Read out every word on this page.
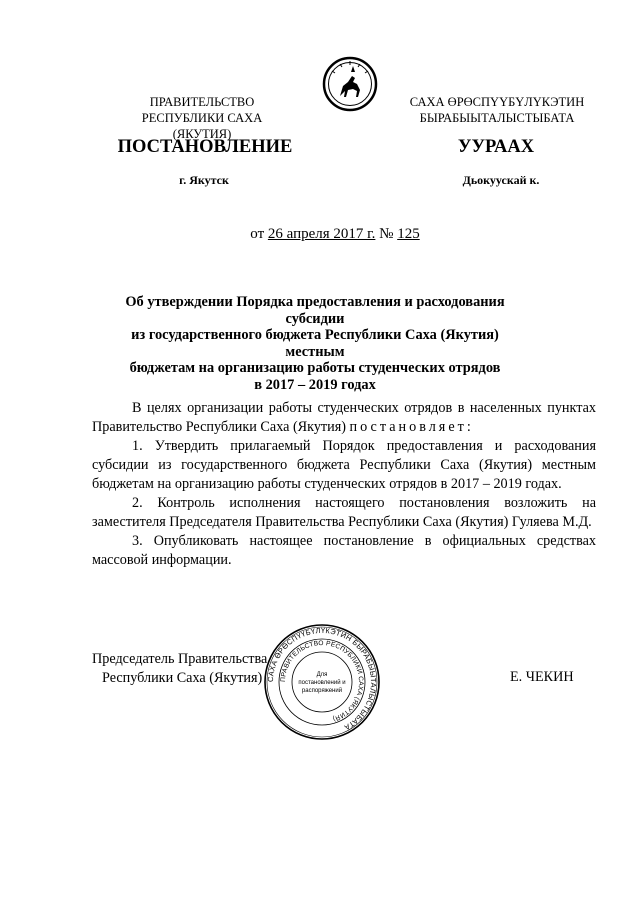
ПРАВИТЕЛЬСТВО
РЕСПУБЛИКИ САХА (ЯКУТИЯ)
САХА ӨРӨСПҮҮБҮЛҮКЭТИН
БЫРАБЫЫТАЛЫСТЫБАТА
ПОСТАНОВЛЕНИЕ	УУРААХ
г. Якутск	Дьокуускай к.
от 26 апреля 2017 г. № 125
Об утверждении Порядка предоставления и расходования субсидии
из государственного бюджета Республики Саха (Якутия) местным
бюджетам на организацию работы студенческих отрядов
в 2017 – 2019 годах

В целях организации работы студенческих отрядов в населенных пунктах Правительство Республики Саха (Якутия) постановляет:

1. Утвердить прилагаемый Порядок предоставления и расходования субсидии из государственного бюджета Республики Саха (Якутия) местным бюджетам на организацию работы студенческих отрядов в 2017 – 2019 годах.

2. Контроль исполнения настоящего постановления возложить на заместителя Председателя Правительства Республики Саха (Якутия) Гуляева М.Д.

3. Опубликовать настоящее постановление в официальных средствах массовой информации.

Председатель Правительства
Республики Саха (Якутия)	Е. ЧЕКИН
САХА ӨРӨСПҮҮБҮЛҮКЭТИН БЫРАБЫЫТАЛЫСТЫБАТА
ПРАВИТЕЛЬСТВО РЕСПУБЛИКИ САХА (ЯКУТИЯ)
Для
постановлений и
распоряжений
